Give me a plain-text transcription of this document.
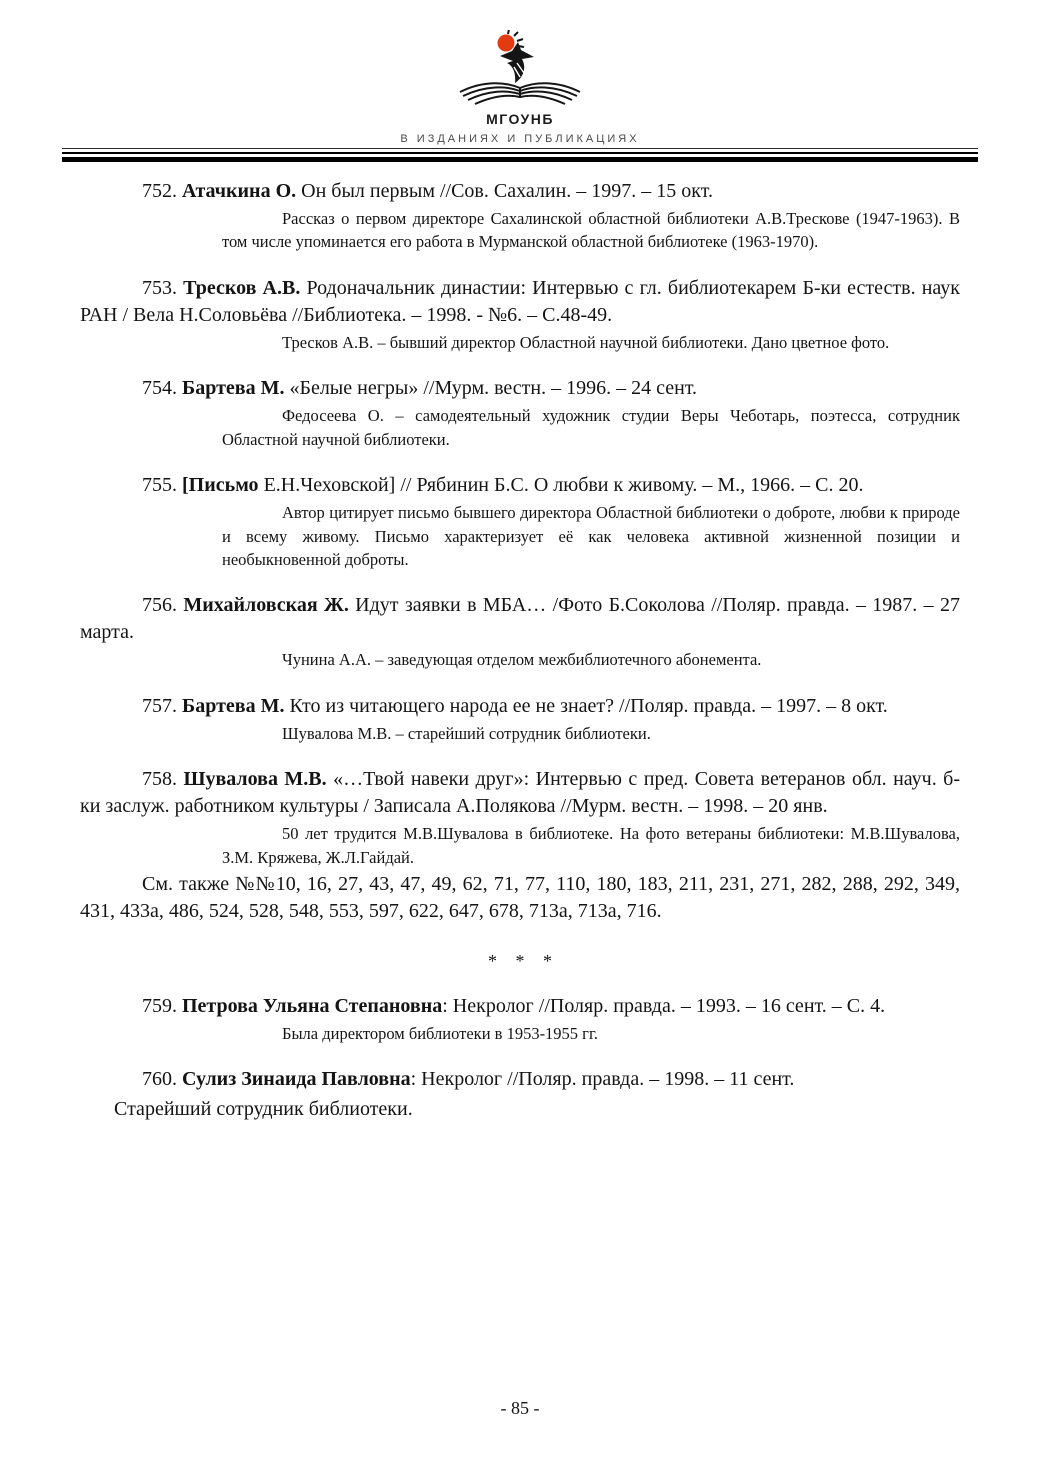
МГОУНБ
В ИЗДАНИЯХ И ПУБЛИКАЦИЯХ

752. Атачкина О. Он был первым //Сов. Сахалин. – 1997. – 15 окт.

Рассказ о первом директоре Сахалинской областной библиотеки А.В.Трескове (1947-1963). В том числе упоминается его работа в Мурманской областной библиотеке (1963-1970).

753. Тресков А.В. Родоначальник династии: Интервью с гл. библиотекарем Б-ки естеств. наук РАН / Вела Н.Соловьёва //Библиотека. – 1998. - №6. – С.48-49.

Тресков А.В. – бывший директор Областной научной библиотеки. Дано цветное фото.

754. Бартева М. «Белые негры» //Мурм. вестн. – 1996. – 24 сент.

Федосеева О. – самодеятельный художник студии Веры Чеботарь, поэтесса, сотрудник Областной научной библиотеки.

755. [Письмо Е.Н.Чеховской] // Рябинин Б.С. О любви к живому. – М., 1966. – С. 20.

Автор цитирует письмо бывшего директора Областной библиотеки о доброте, любви к природе и всему живому. Письмо характеризует её как человека активной жизненной позиции и необыкновенной доброты.

756. Михайловская Ж. Идут заявки в МБА… /Фото Б.Соколова //Поляр. правда. – 1987. – 27 марта.

Чунина А.А. – заведующая отделом межбиблиотечного абонемента.

757. Бартева М. Кто из читающего народа ее не знает? //Поляр. правда. – 1997. – 8 окт.

Шувалова М.В. – старейший сотрудник библиотеки.

758. Шувалова М.В. «…Твой навеки друг»: Интервью с пред. Совета ветеранов обл. науч. б-ки заслуж. работником культуры / Записала А.Полякова //Мурм. вестн. – 1998. – 20 янв.

50 лет трудится М.В.Шувалова в библиотеке. На фото ветераны библиотеки: М.В.Шувалова, З.М. Кряжева, Ж.Л.Гайдай.

См. также №№10, 16, 27, 43, 47, 49, 62, 71, 77, 110, 180, 183, 211, 231, 271, 282, 288, 292, 349, 431, 433а, 486, 524, 528, 548, 553, 597, 622, 647, 678, 713а, 713а, 716.

* * *

759. Петрова Ульяна Степановна: Некролог //Поляр. правда. – 1993. – 16 сент. – С. 4.

Была директором библиотеки в 1953-1955 гг.

760. Сулиз Зинаида Павловна: Некролог //Поляр. правда. – 1998. – 11 сент.

Старейший сотрудник библиотеки.

- 85 -
